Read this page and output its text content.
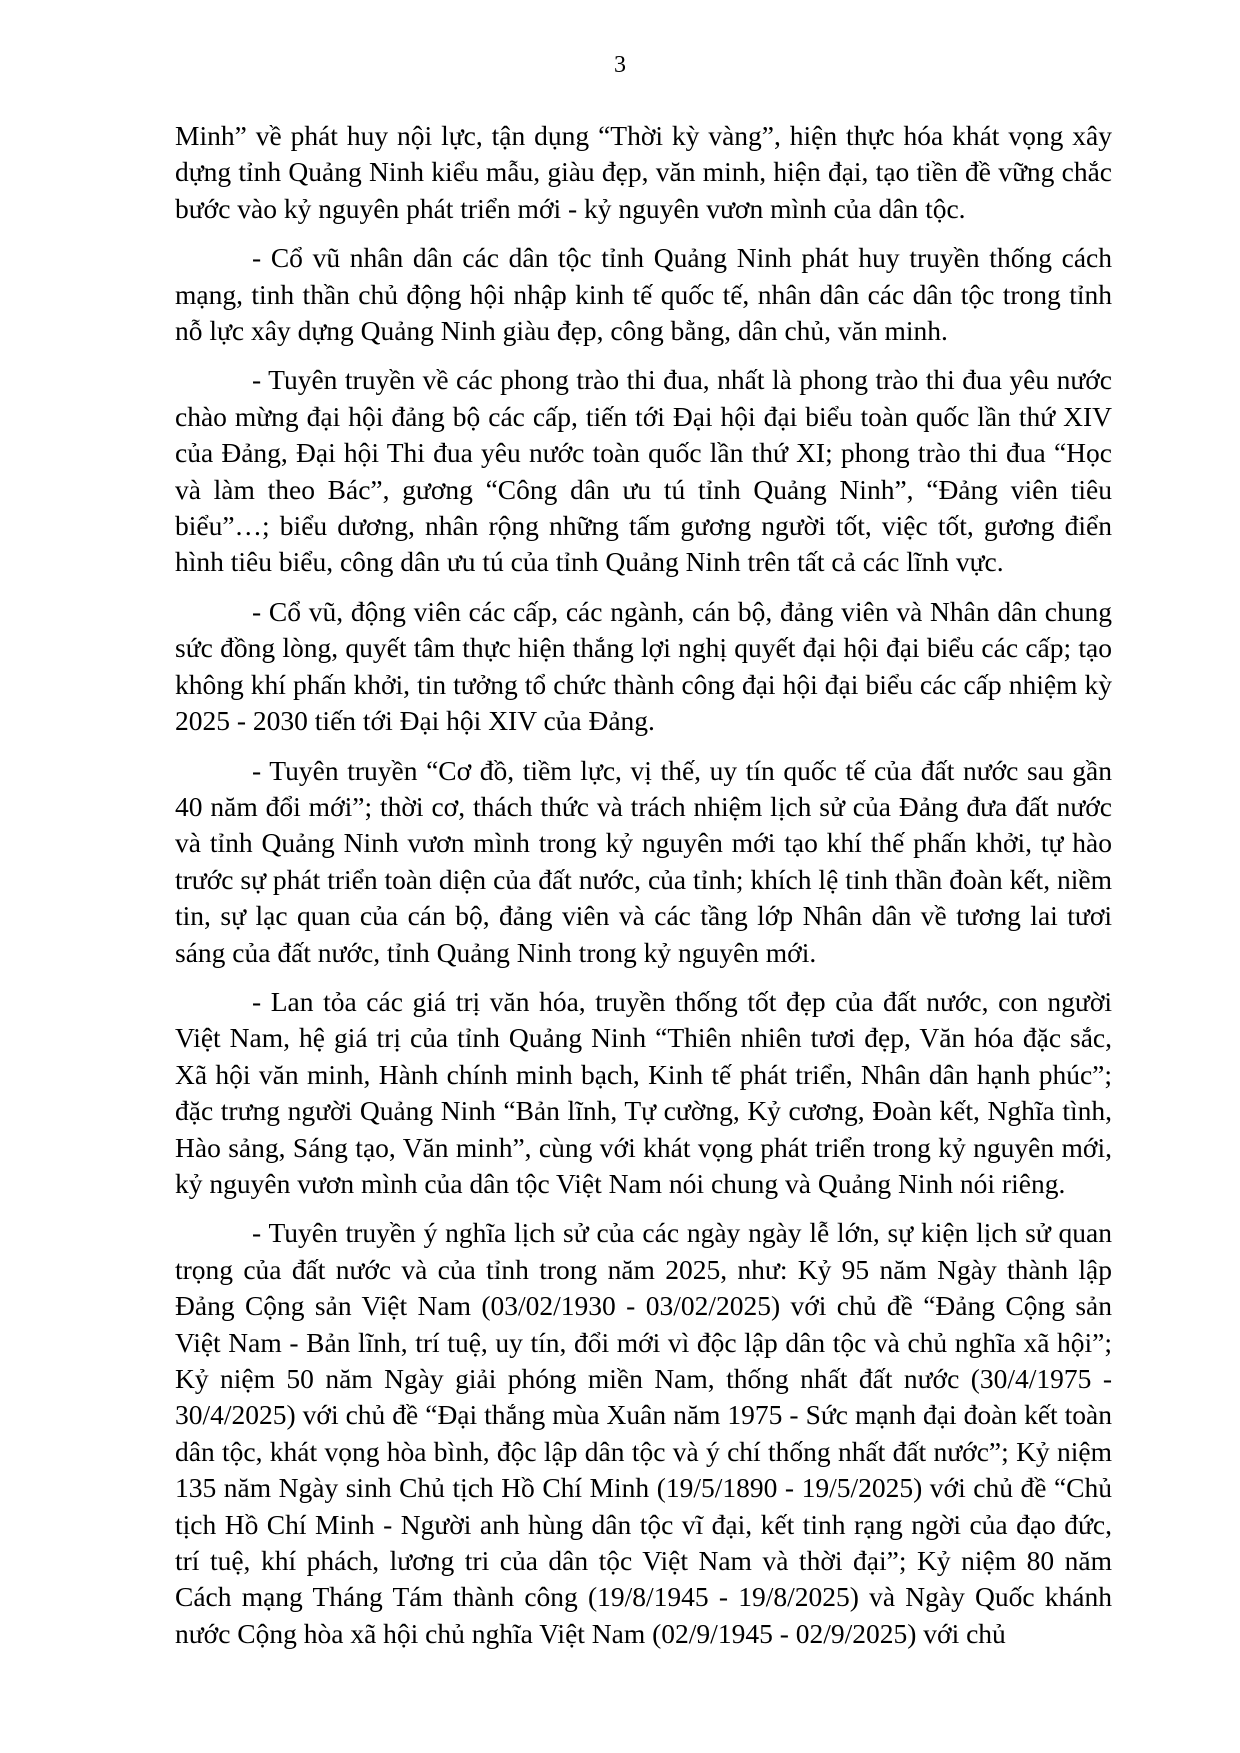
3

Minh” về phát huy nội lực, tận dụng “Thời kỳ vàng”, hiện thực hóa khát vọng xây dựng tỉnh Quảng Ninh kiểu mẫu, giàu đẹp, văn minh, hiện đại, tạo tiền đề vững chắc bước vào kỷ nguyên phát triển mới - kỷ nguyên vươn mình của dân tộc.

- Cổ vũ nhân dân các dân tộc tỉnh Quảng Ninh phát huy truyền thống cách mạng, tinh thần chủ động hội nhập kinh tế quốc tế, nhân dân các dân tộc trong tỉnh nỗ lực xây dựng Quảng Ninh giàu đẹp, công bằng, dân chủ, văn minh.

- Tuyên truyền về các phong trào thi đua, nhất là phong trào thi đua yêu nước chào mừng đại hội đảng bộ các cấp, tiến tới Đại hội đại biểu toàn quốc lần thứ XIV của Đảng, Đại hội Thi đua yêu nước toàn quốc lần thứ XI; phong trào thi đua “Học và làm theo Bác”, gương “Công dân ưu tú tỉnh Quảng Ninh”, “Đảng viên tiêu biểu”…; biểu dương, nhân rộng những tấm gương người tốt, việc tốt, gương điển hình tiêu biểu, công dân ưu tú của tỉnh Quảng Ninh trên tất cả các lĩnh vực.

- Cổ vũ, động viên các cấp, các ngành, cán bộ, đảng viên và Nhân dân chung sức đồng lòng, quyết tâm thực hiện thắng lợi nghị quyết đại hội đại biểu các cấp; tạo không khí phấn khởi, tin tưởng tổ chức thành công đại hội đại biểu các cấp nhiệm kỳ 2025 - 2030 tiến tới Đại hội XIV của Đảng.

- Tuyên truyền “Cơ đồ, tiềm lực, vị thế, uy tín quốc tế của đất nước sau gần 40 năm đổi mới”; thời cơ, thách thức và trách nhiệm lịch sử của Đảng đưa đất nước và tỉnh Quảng Ninh vươn mình trong kỷ nguyên mới tạo khí thế phấn khởi, tự hào trước sự phát triển toàn diện của đất nước, của tỉnh; khích lệ tinh thần đoàn kết, niềm tin, sự lạc quan của cán bộ, đảng viên và các tầng lớp Nhân dân về tương lai tươi sáng của đất nước, tỉnh Quảng Ninh trong kỷ nguyên mới.

- Lan tỏa các giá trị văn hóa, truyền thống tốt đẹp của đất nước, con người Việt Nam, hệ giá trị của tỉnh Quảng Ninh “Thiên nhiên tươi đẹp, Văn hóa đặc sắc, Xã hội văn minh, Hành chính minh bạch, Kinh tế phát triển, Nhân dân hạnh phúc”; đặc trưng người Quảng Ninh “Bản lĩnh, Tự cường, Kỷ cương, Đoàn kết, Nghĩa tình, Hào sảng, Sáng tạo, Văn minh”, cùng với khát vọng phát triển trong kỷ nguyên mới, kỷ nguyên vươn mình của dân tộc Việt Nam nói chung và Quảng Ninh nói riêng.

- Tuyên truyền ý nghĩa lịch sử của các ngày ngày lễ lớn, sự kiện lịch sử quan trọng của đất nước và của tỉnh trong năm 2025, như: Kỷ 95 năm Ngày thành lập Đảng Cộng sản Việt Nam (03/02/1930 - 03/02/2025) với chủ đề “Đảng Cộng sản Việt Nam - Bản lĩnh, trí tuệ, uy tín, đổi mới vì độc lập dân tộc và chủ nghĩa xã hội”; Kỷ niệm 50 năm Ngày giải phóng miền Nam, thống nhất đất nước (30/4/1975 - 30/4/2025) với chủ đề “Đại thắng mùa Xuân năm 1975 - Sức mạnh đại đoàn kết toàn dân tộc, khát vọng hòa bình, độc lập dân tộc và ý chí thống nhất đất nước”; Kỷ niệm 135 năm Ngày sinh Chủ tịch Hồ Chí Minh (19/5/1890 - 19/5/2025) với chủ đề “Chủ tịch Hồ Chí Minh - Người anh hùng dân tộc vĩ đại, kết tinh rạng ngời của đạo đức, trí tuệ, khí phách, lương tri của dân tộc Việt Nam và thời đại”; Kỷ niệm 80 năm Cách mạng Tháng Tám thành công (19/8/1945 - 19/8/2025) và Ngày Quốc khánh nước Cộng hòa xã hội chủ nghĩa Việt Nam (02/9/1945 - 02/9/2025) với chủ
